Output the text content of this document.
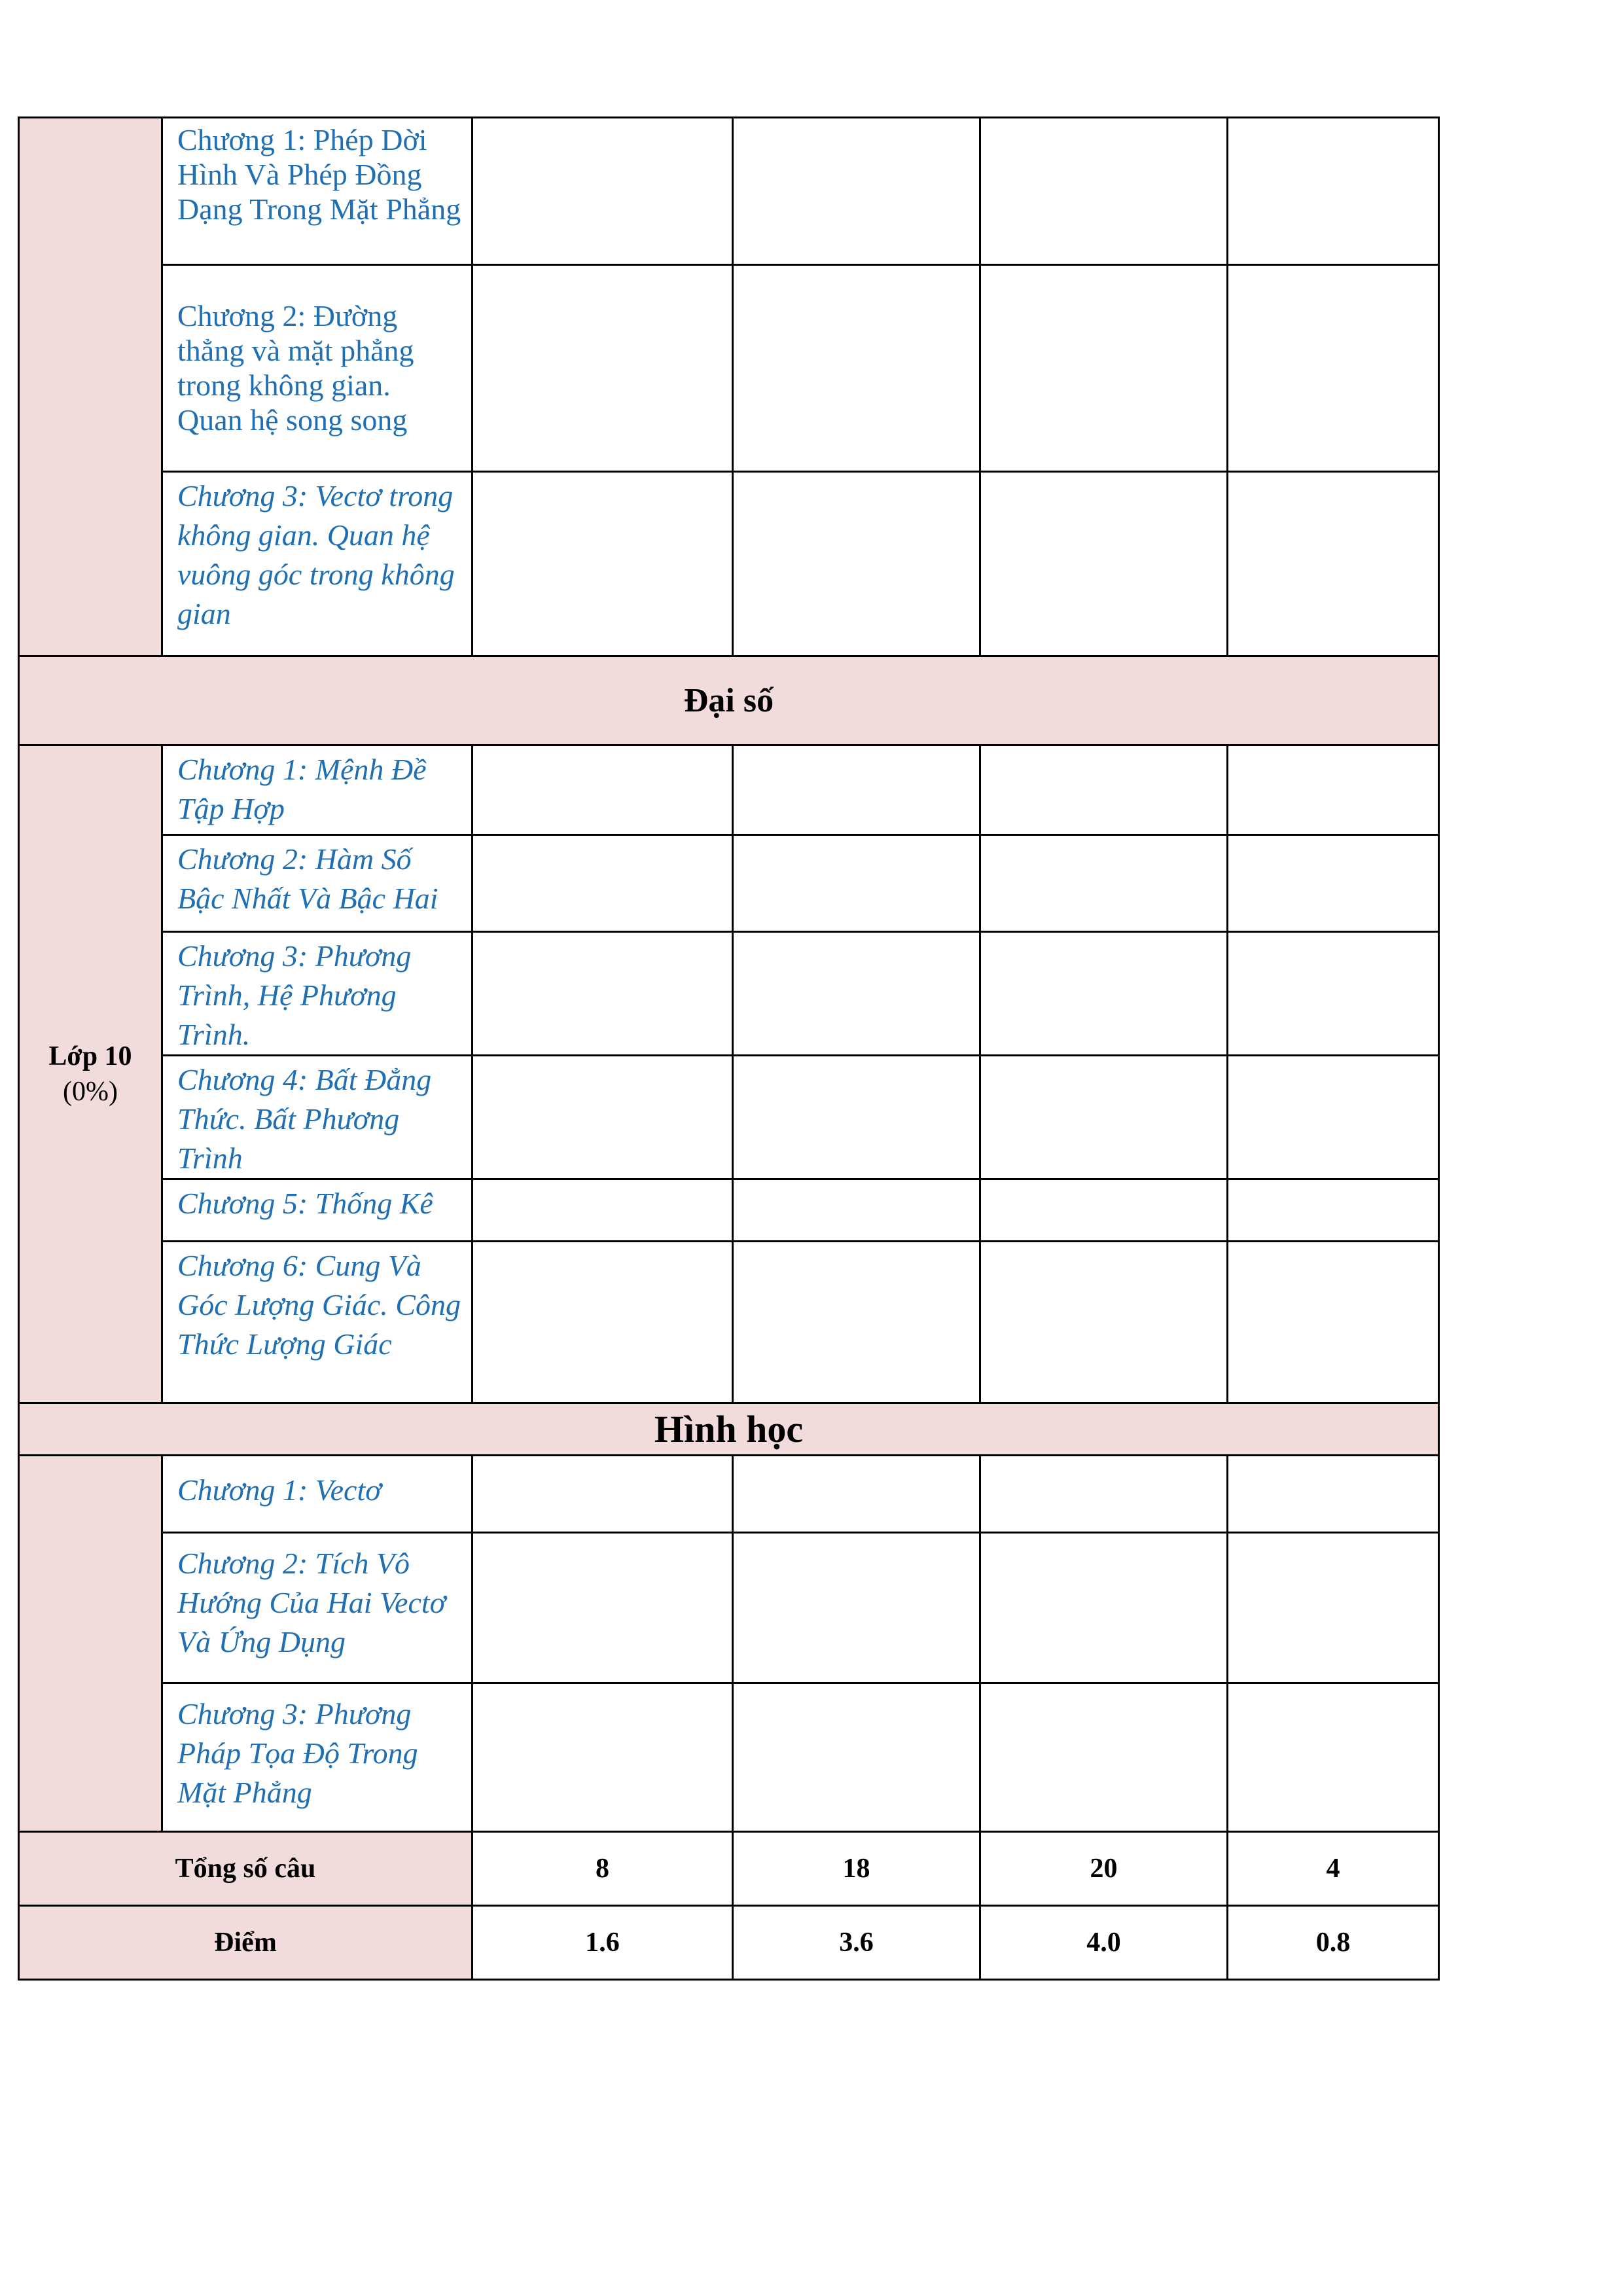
	Chương 1: Phép Dời Hình Và Phép Đồng Dạng Trong Mặt Phẳng				
	Chương 2: Đường thẳng và mặt phẳng trong không gian. Quan hệ song song				
	Chương 3: Vectơ trong không gian. Quan hệ vuông góc trong không gian				
Đại số					
Lớp 10
(0%)	Chương 1: Mệnh Đề Tập Hợp				
	Chương 2: Hàm Số Bậc Nhất Và Bậc Hai				
	Chương 3: Phương Trình, Hệ Phương Trình.				
	Chương 4: Bất Đẳng Thức. Bất Phương Trình				
	Chương 5: Thống Kê				
	Chương 6: Cung Và Góc Lượng Giác. Công Thức Lượng Giác				
Hình học					
	Chương 1: Vectơ				
	Chương 2: Tích Vô Hướng Của Hai Vectơ Và Ứng Dụng				
	Chương 3: Phương Pháp Tọa Độ Trong Mặt Phẳng				
Tổng số câu		8	18	20	4
Điểm		1.6	3.6	4.0	0.8
